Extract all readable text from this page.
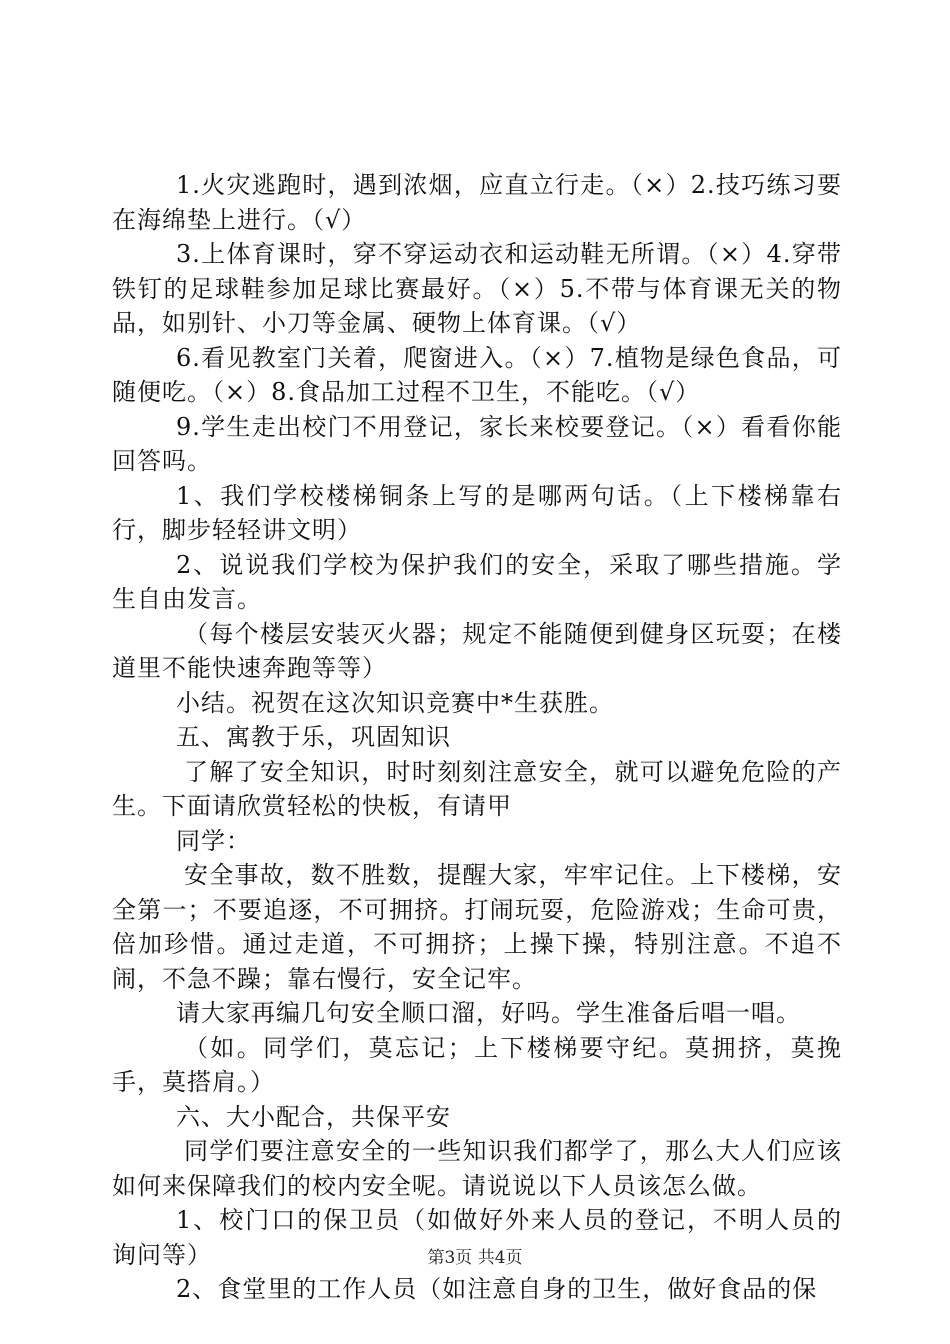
1.火灾逃跑时，遇到浓烟，应直立行走。（×）2.技巧练习要在海绵垫上进行。（√）

3.上体育课时，穿不穿运动衣和运动鞋无所谓。（×）4.穿带铁钉的足球鞋参加足球比赛最好。（×）5.不带与体育课无关的物品，如别针、小刀等金属、硬物上体育课。（√）

6.看见教室门关着，爬窗进入。（×）7.植物是绿色食品，可随便吃。（×）8.食品加工过程不卫生，不能吃。（√）

9.学生走出校门不用登记，家长来校要登记。（×）看看你能回答吗。

1、我们学校楼梯铜条上写的是哪两句话。（上下楼梯靠右行，脚步轻轻讲文明）

2、说说我们学校为保护我们的安全，采取了哪些措施。学生自由发言。

（每个楼层安装灭火器；规定不能随便到健身区玩耍；在楼道里不能快速奔跑等等）

小结。祝贺在这次知识竞赛中*生获胜。

五、寓教于乐，巩固知识

了解了安全知识，时时刻刻注意安全，就可以避免危险的产生。下面请欣赏轻松的快板，有请甲

同学：

安全事故，数不胜数，提醒大家，牢牢记住。上下楼梯，安全第一；不要追逐，不可拥挤。打闹玩耍，危险游戏；生命可贵，倍加珍惜。通过走道，不可拥挤；上操下操，特别注意。不追不闹，不急不躁；靠右慢行，安全记牢。

请大家再编几句安全顺口溜，好吗。学生准备后唱一唱。

（如。同学们，莫忘记；上下楼梯要守纪。莫拥挤，莫挽手，莫搭肩。）

六、大小配合，共保平安

同学们要注意安全的一些知识我们都学了，那么大人们应该如何来保障我们的校内安全呢。请说说以下人员该怎么做。

1、校门口的保卫员（如做好外来人员的登记，不明人员的询问等）

2、食堂里的工作人员（如注意自身的卫生，做好食品的保

第3页 共4页
